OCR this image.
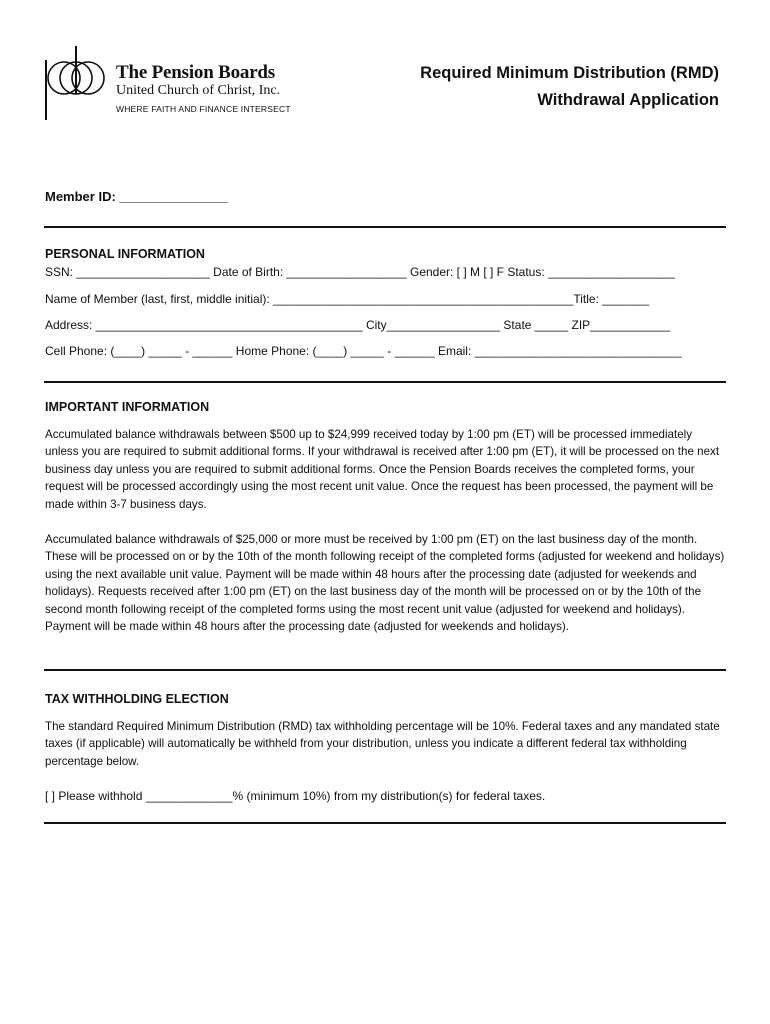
The Pension Boards
United Church of Christ, Inc.
WHERE FAITH AND FINANCE INTERSECT
Required Minimum Distribution (RMD)
Withdrawal Application
Member ID: _______________
PERSONAL INFORMATION
SSN: ____________________ Date of Birth: __________________ Gender: [ ] M [ ] F Status: ___________________
Name of Member (last, first, middle initial): _____________________________________________Title: _______
Address: ________________________________________ City_________________ State _____ ZIP____________
Cell Phone: (____) _____ - ______ Home Phone: (____) _____ - ______ Email: _______________________________
IMPORTANT INFORMATION

Accumulated balance withdrawals between $500 up to $24,999 received today by 1:00 pm (ET) will be processed immediately unless you are required to submit additional forms. If your withdrawal is received after 1:00 pm (ET), it will be processed on the next business day unless you are required to submit additional forms. Once the Pension Boards receives the completed forms, your request will be processed accordingly using the most recent unit value. Once the request has been processed, the payment will be made within 3-7 business days.

Accumulated balance withdrawals of $25,000 or more must be received by 1:00 pm (ET) on the last business day of the month. These will be processed on or by the 10th of the month following receipt of the completed forms (adjusted for weekend and holidays) using the next available unit value. Payment will be made within 48 hours after the processing date (adjusted for weekends and holidays). Requests received after 1:00 pm (ET) on the last business day of the month will be processed on or by the 10th of the second month following receipt of the completed forms using the most recent unit value (adjusted for weekend and holidays). Payment will be made within 48 hours after the processing date (adjusted for weekends and holidays).

TAX WITHHOLDING ELECTION

The standard Required Minimum Distribution (RMD) tax withholding percentage will be 10%. Federal taxes and any mandated state taxes (if applicable) will automatically be withheld from your distribution, unless you indicate a different federal tax withholding percentage below.

[ ] Please withhold _____________% (minimum 10%) from my distribution(s) for federal taxes.
